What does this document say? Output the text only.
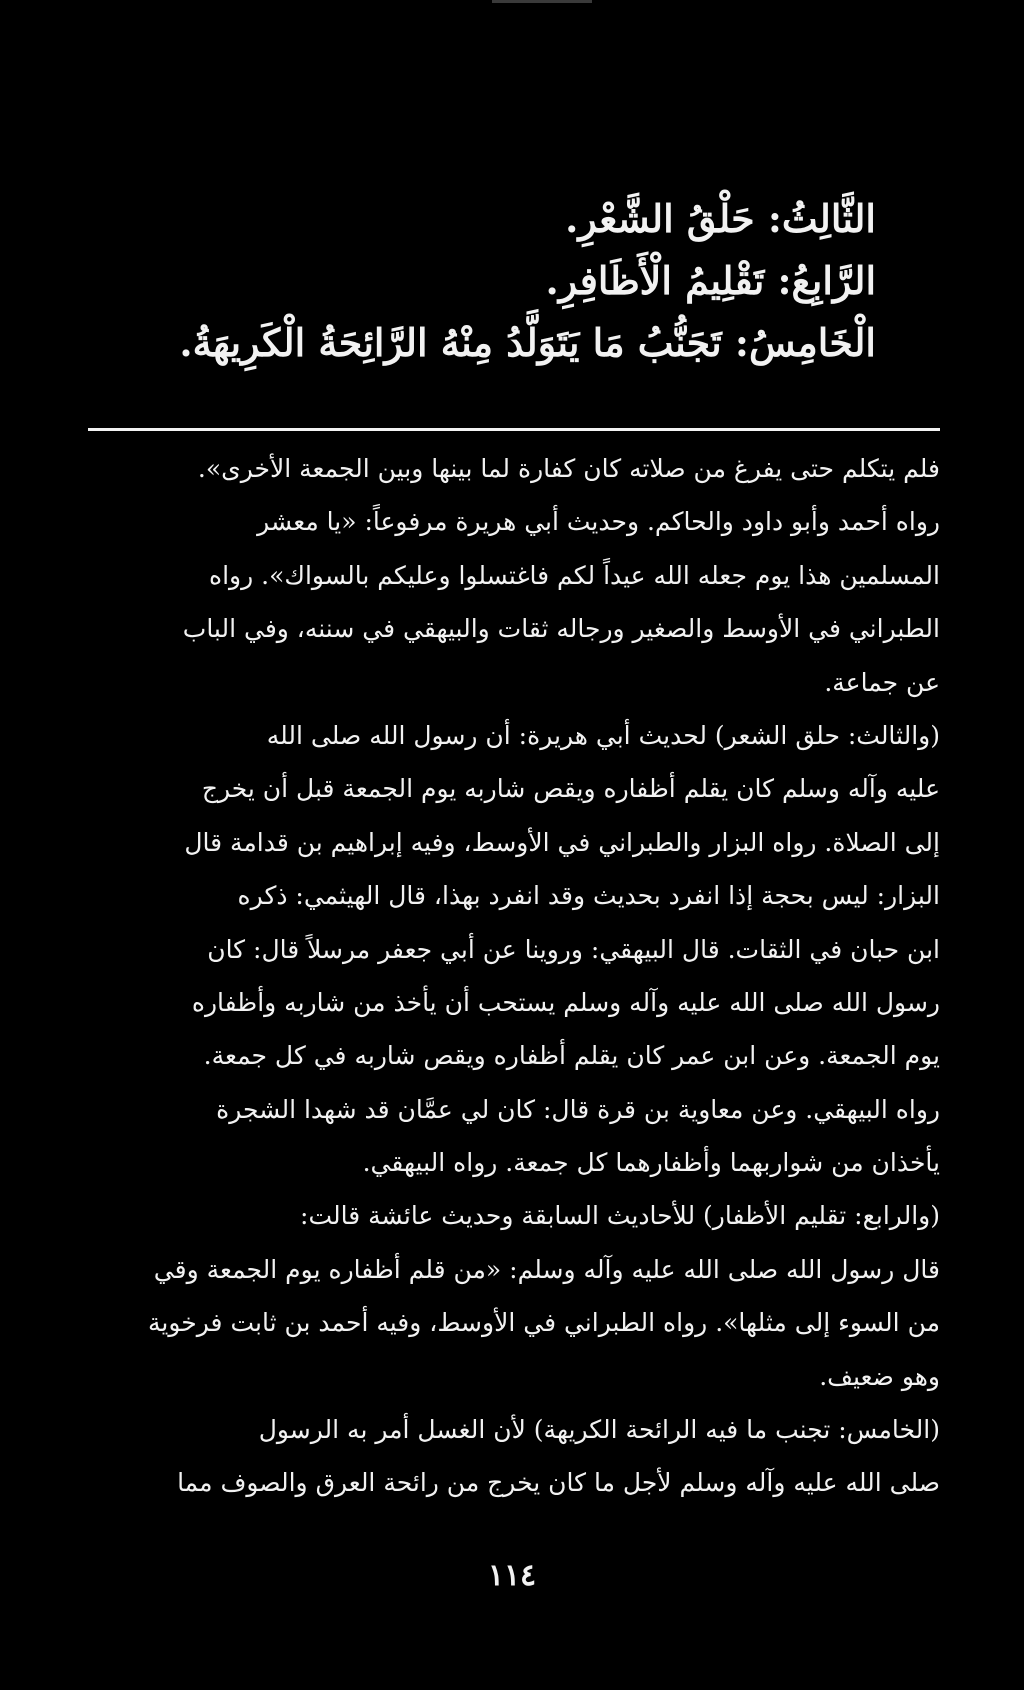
الثَّالِثُ: حَلْقُ الشَّعْرِ.
الرَّابِعُ: تَقْلِيمُ الْأَظَافِرِ.
الْخَامِسُ: تَجَنُّبُ مَا يَتَوَلَّدُ مِنْهُ الرَّائِحَةُ الْكَرِيهَةُ.
فلم يتكلم حتى يفرغ من صلاته كان كفارة لما بينها وبين الجمعة الأخرى».
رواه أحمد وأبو داود والحاكم. وحديث أبي هريرة مرفوعاً: «يا معشر
المسلمين هذا يوم جعله الله عيداً لكم فاغتسلوا وعليكم بالسواك». رواه
الطبراني في الأوسط والصغير ورجاله ثقات والبيهقي في سننه، وفي الباب
عن جماعة.
(والثالث: حلق الشعر) لحديث أبي هريرة: أن رسول الله صلى الله
عليه وآله وسلم كان يقلم أظفاره ويقص شاربه يوم الجمعة قبل أن يخرج
إلى الصلاة. رواه البزار والطبراني في الأوسط، وفيه إبراهيم بن قدامة قال
البزار: ليس بحجة إذا انفرد بحديث وقد انفرد بهذا، قال الهيثمي: ذكره
ابن حبان في الثقات. قال البيهقي: وروينا عن أبي جعفر مرسلاً قال: كان
رسول الله صلى الله عليه وآله وسلم يستحب أن يأخذ من شاربه وأظفاره
يوم الجمعة. وعن ابن عمر كان يقلم أظفاره ويقص شاربه في كل جمعة.
رواه البيهقي. وعن معاوية بن قرة قال: كان لي عمَّان قد شهدا الشجرة
يأخذان من شواربهما وأظفارهما كل جمعة. رواه البيهقي.
(والرابع: تقليم الأظفار) للأحاديث السابقة وحديث عائشة قالت:
قال رسول الله صلى الله عليه وآله وسلم: «من قلم أظفاره يوم الجمعة وقي
من السوء إلى مثلها». رواه الطبراني في الأوسط، وفيه أحمد بن ثابت فرخوية
وهو ضعيف.
(الخامس: تجنب ما فيه الرائحة الكريهة) لأن الغسل أمر به الرسول
صلى الله عليه وآله وسلم لأجل ما كان يخرج من رائحة العرق والصوف مما
١١٤
